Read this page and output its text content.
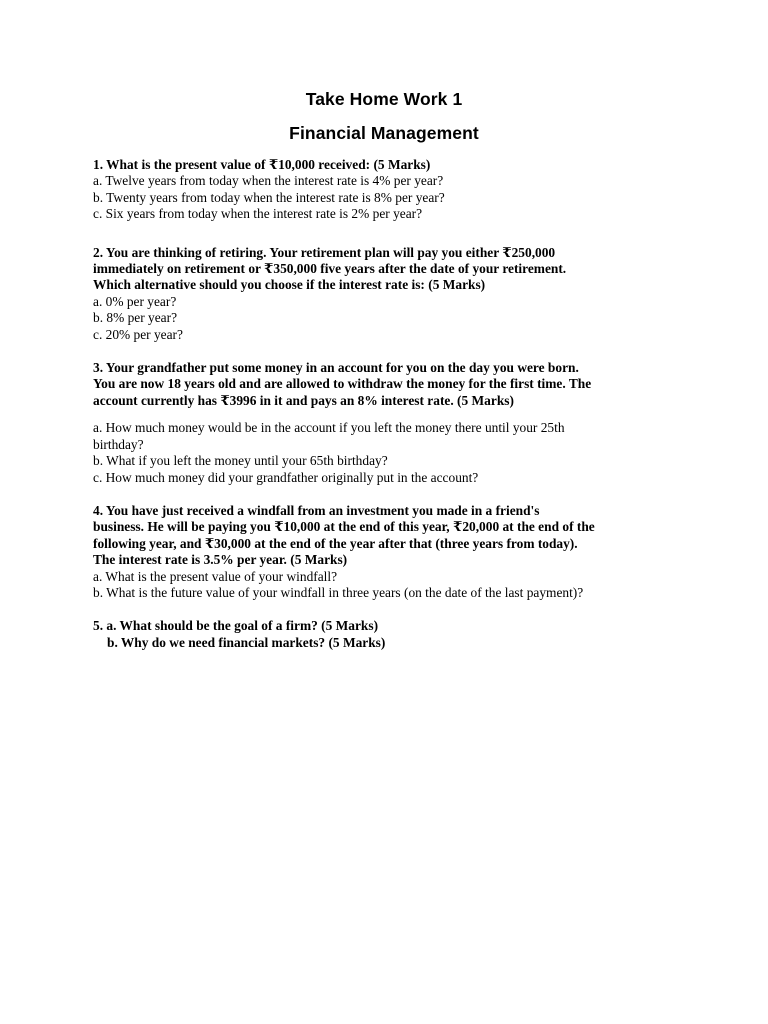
Take Home Work 1
Financial Management

1. What is the present value of ₹10,000 received: (5 Marks)

a. Twelve years from today when the interest rate is 4% per year?

b. Twenty years from today when the interest rate is 8% per year?

c. Six years from today when the interest rate is 2% per year?

2. You are thinking of retiring. Your retirement plan will pay you either ₹250,000

immediately on retirement or ₹350,000 five years after the date of your retirement.

Which alternative should you choose if the interest rate is: (5 Marks)

a. 0% per year?

b. 8% per year?

c. 20% per year?

3. Your grandfather put some money in an account for you on the day you were born.

You are now 18 years old and are allowed to withdraw the money for the first time. The

account currently has ₹3996 in it and pays an 8% interest rate. (5 Marks)

a. How much money would be in the account if you left the money there until your 25th

birthday?

b. What if you left the money until your 65th birthday?

c. How much money did your grandfather originally put in the account?

4. You have just received a windfall from an investment you made in a friend's

business. He will be paying you ₹10,000 at the end of this year, ₹20,000 at the end of the

following year, and ₹30,000 at the end of the year after that (three years from today).

The interest rate is 3.5% per year. (5 Marks)

a. What is the present value of your windfall?

b. What is the future value of your windfall in three years (on the date of the last payment)?

5. a. What should be the goal of a firm? (5 Marks)

b. Why do we need financial markets? (5 Marks)
